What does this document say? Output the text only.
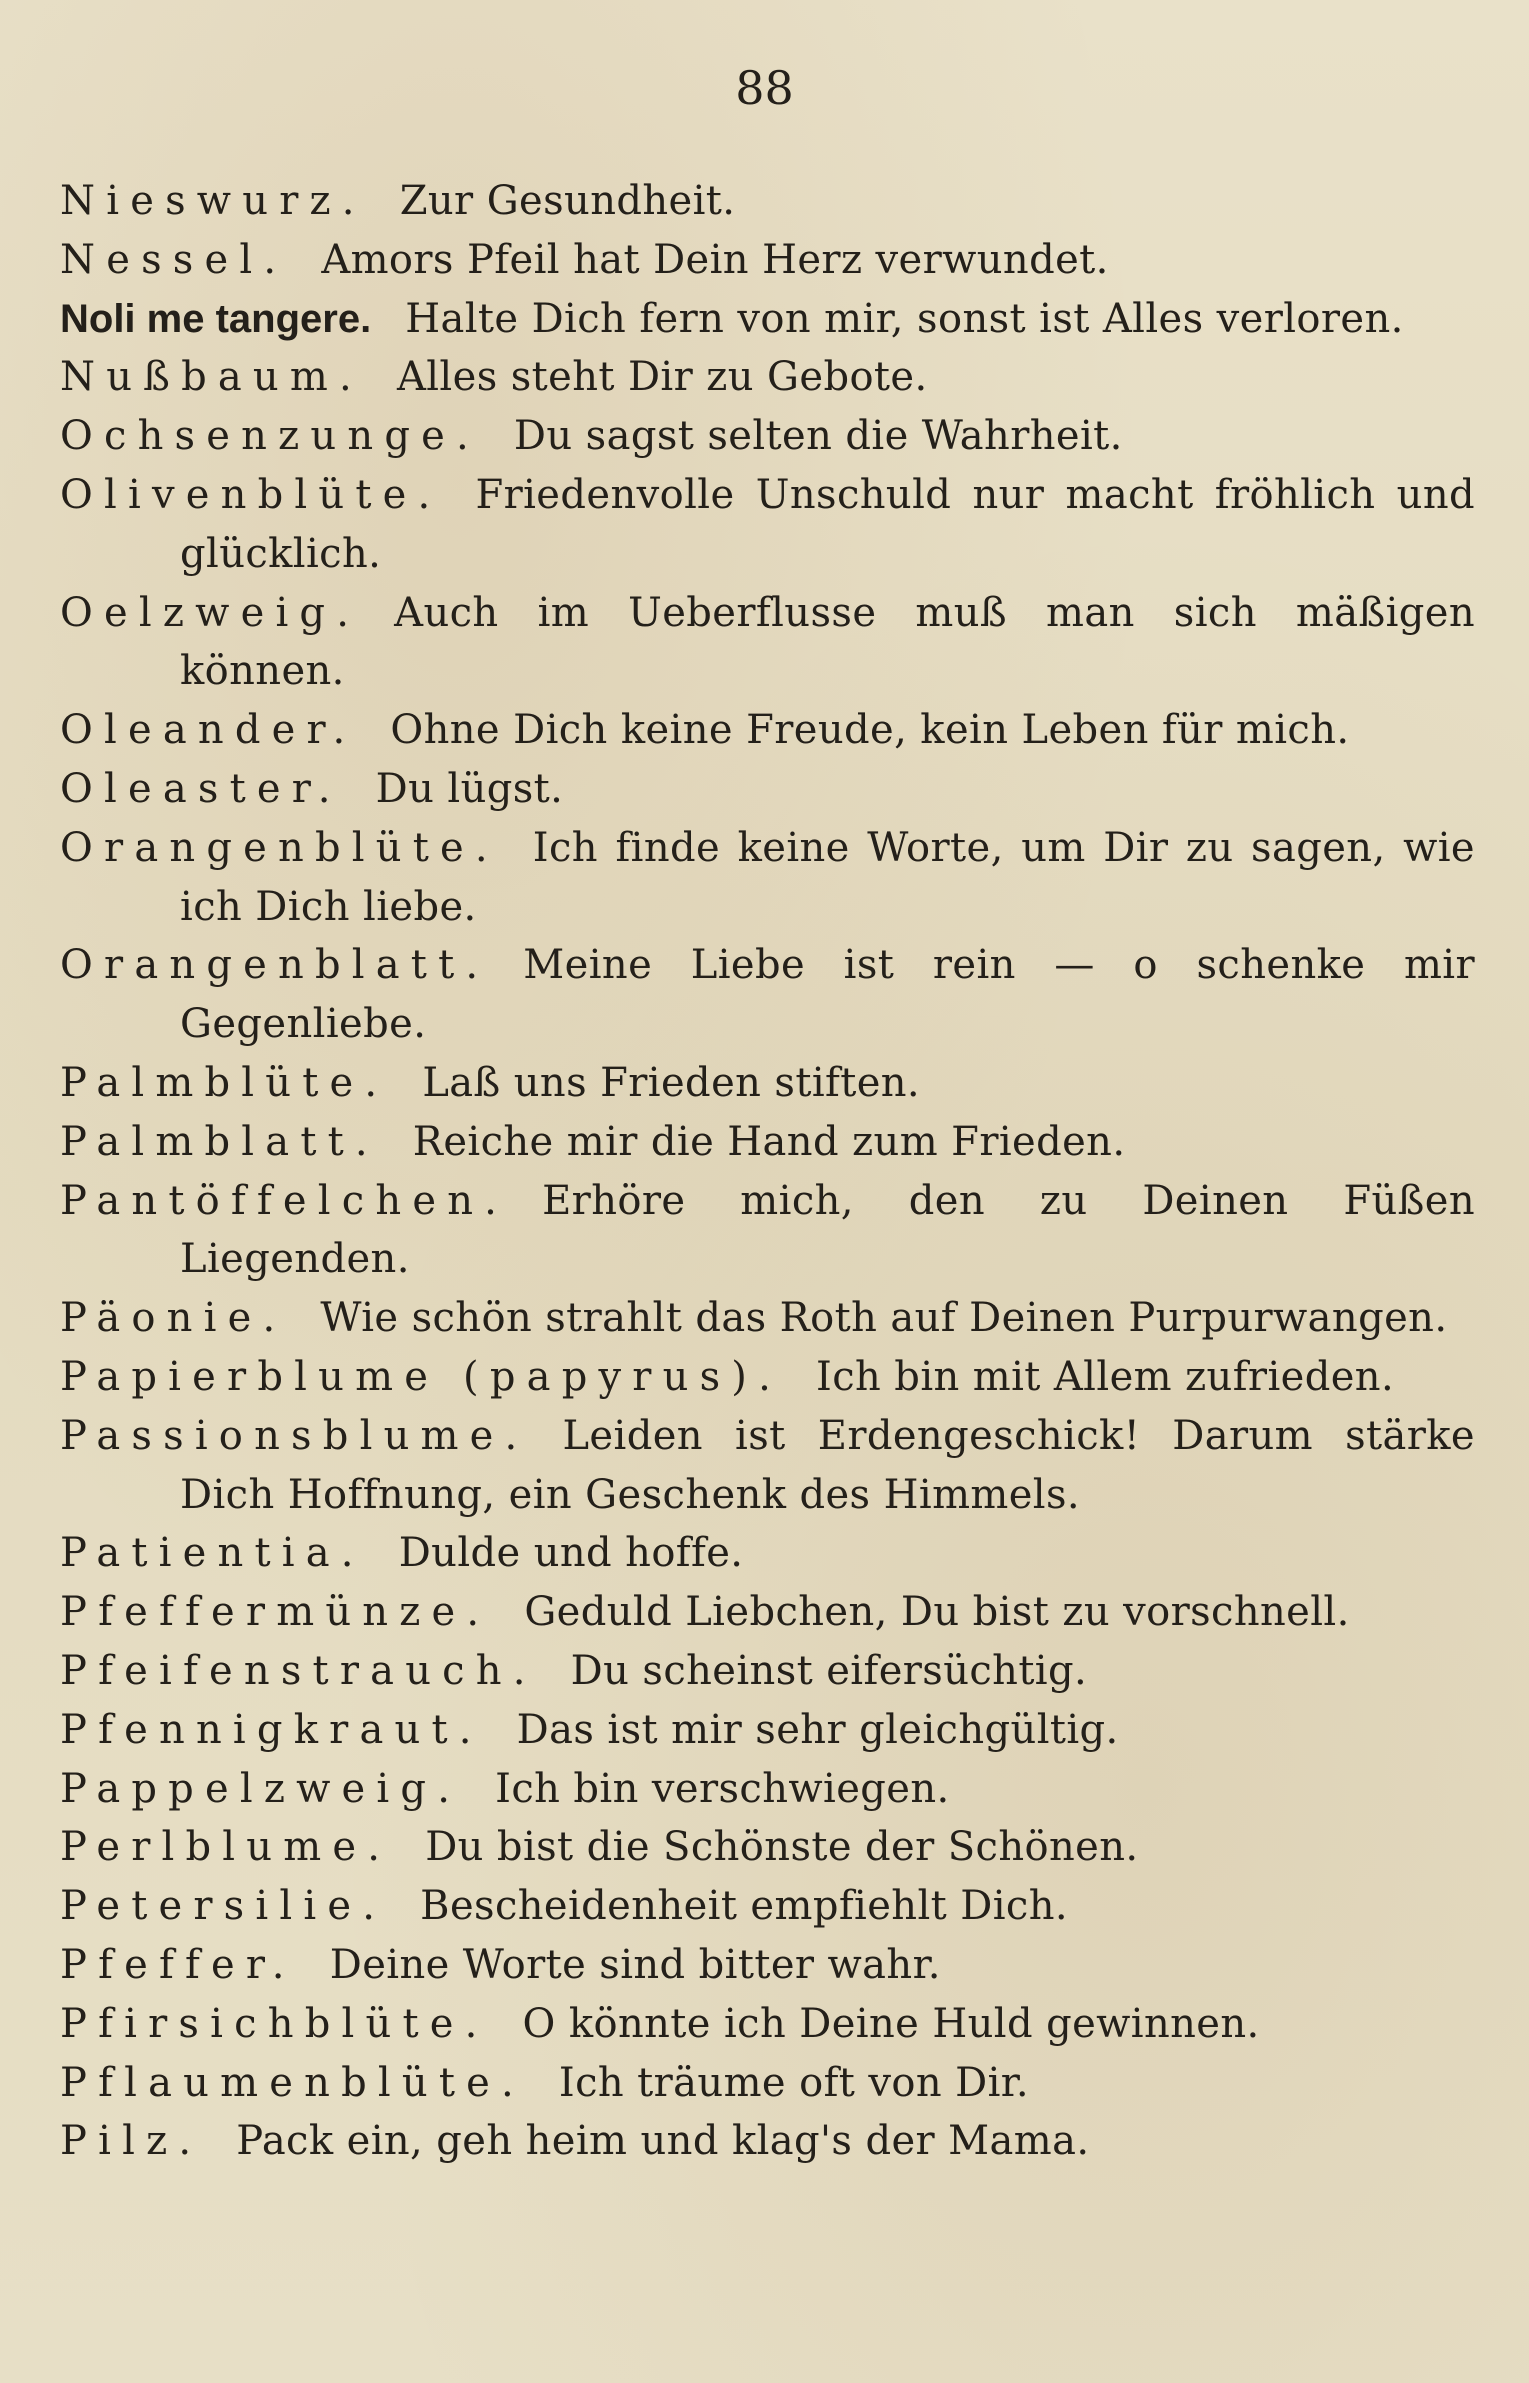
88
Nieswurz. Zur Gesundheit.
Nessel. Amors Pfeil hat Dein Herz verwundet.
Noli me tangere. Halte Dich fern von mir, sonst ist Alles verloren.
Nußbaum. Alles steht Dir zu Gebote.
Ochsenzunge. Du sagst selten die Wahrheit.
Olivenblüte. Friedenvolle Unschuld nur macht fröhlich und glücklich.
Oelzweig. Auch im Ueberflusse muß man sich mäßigen können.
Oleander. Ohne Dich keine Freude, kein Leben für mich.
Oleaster. Du lügst.
Orangenblüte. Ich finde keine Worte, um Dir zu sagen, wie ich Dich liebe.
Orangenblatt. Meine Liebe ist rein — o schenke mir Gegenliebe.
Palmblüte. Laß uns Frieden stiften.
Palmblatt. Reiche mir die Hand zum Frieden.
Pantöffelchen. Erhöre mich, den zu Deinen Füßen Liegenden.
Päonie. Wie schön strahlt das Roth auf Deinen Purpurwangen.
Papierblume (papyrus). Ich bin mit Allem zufrieden.
Passionsblume. Leiden ist Erdengeschick! Darum stärke Dich Hoffnung, ein Geschenk des Himmels.
Patientia. Dulde und hoffe.
Pfeffermünze. Geduld Liebchen, Du bist zu vorschnell.
Pfeifenstrauch. Du scheinst eifersüchtig.
Pfennigkraut. Das ist mir sehr gleichgültig.
Pappelzweig. Ich bin verschwiegen.
Perlblume. Du bist die Schönste der Schönen.
Petersilie. Bescheidenheit empfiehlt Dich.
Pfeffer. Deine Worte sind bitter wahr.
Pfirsichblüte. O könnte ich Deine Huld gewinnen.
Pflaumenblüte. Ich träume oft von Dir.
Pilz. Pack ein, geh heim und klag's der Mama.
